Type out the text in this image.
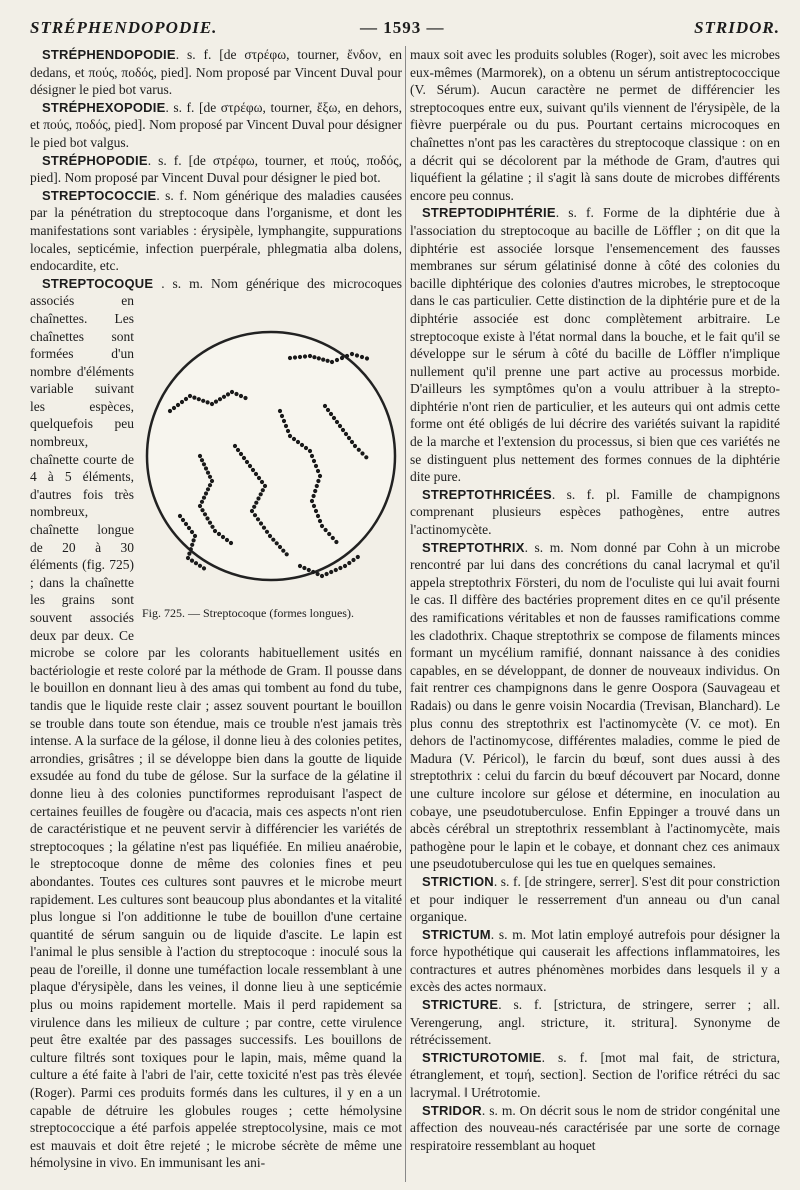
STRÉPHENDOPODIE.	— 1593 —	STRIDOR.

STRÉPHENDOPODIE. s. f. [de στρέφω, tourner, ἔνδον, en dedans, et πούς, ποδός, pied]. Nom proposé par Vincent Duval pour désigner le pied bot varus.

STRÉPHEXOPODIE. s. f. [de στρέφω, tourner, ἔξω, en dehors, et πούς, ποδός, pied]. Nom proposé par Vincent Duval pour désigner le pied bot valgus.

STRÉPHOPODIE. s. f. [de στρέφω, tourner, et πούς, ποδός, pied]. Nom proposé par Vincent Duval pour désigner le pied bot.

STREPTOCOCCIE. s. f. Nom générique des maladies causées par la pénétration du streptocoque dans l'organisme, et dont les manifestations sont variables : érysipèle, lymphangite, suppurations locales, septicémie, infection puerpérale, phlegmatia alba dolens, endocardite, etc.

STREPTOCOQUE
Fig. 725. — Streptocoque (formes longues).
. s. m. Nom générique des microcoques associés en chaînettes. Les chaînettes sont formées d'un nombre d'éléments variable suivant les espèces, quelquefois peu nombreux, chaînette courte de 4 à 5 éléments, d'autres fois très nombreux, chaînette longue de 20 à 30 éléments (fig. 725) ; dans la chaînette les grains sont souvent associés deux par deux. Ce microbe se colore par les colorants habituellement usités en bactériologie et reste coloré par la méthode de Gram. Il pousse dans le bouillon en donnant lieu à des amas qui tombent au fond du tube, tandis que le liquide reste clair ; assez souvent pourtant le bouillon se trouble dans toute son étendue, mais ce trouble n'est jamais très intense. A la surface de la gélose, il donne lieu à des colonies petites, arrondies, grisâtres ; il se développe bien dans la goutte de liquide exsudée au fond du tube de gélose. Sur la surface de la gélatine il donne lieu à des colonies punctiformes reproduisant l'aspect de certaines feuilles de fougère ou d'acacia, mais ces aspects n'ont rien de caractéristique et ne peuvent servir à différencier les variétés de streptocoques ; la gélatine n'est pas liquéfiée. En milieu anaérobie, le streptocoque donne de même des colonies fines et peu abondantes. Toutes ces cultures sont pauvres et le microbe meurt rapidement. Les cultures sont beaucoup plus abondantes et la vitalité plus longue si l'on additionne le tube de bouillon d'une certaine quantité de sérum sanguin ou de liquide d'ascite. Le lapin est l'animal le plus sensible à l'action du streptocoque : inoculé sous la peau de l'oreille, il donne une tuméfaction locale ressemblant à une plaque d'érysipèle, dans les veines, il donne lieu à une septicémie plus ou moins rapidement mortelle. Mais il perd rapidement sa virulence dans les milieux de culture ; par contre, cette virulence peut être exaltée par des passages successifs. Les bouillons de culture filtrés sont toxiques pour le lapin, mais, même quand la culture a été faite à l'abri de l'air, cette toxicité n'est pas très élevée (Roger). Parmi ces produits formés dans les cultures, il y en a un capable de détruire les globules rouges ; cette hémolysine streptococcique a été parfois appelée streptocolysine, mais ce mot est mauvais et doit être rejeté ; le microbe sécrète de même une hémolysine in vivo. En immunisant les ani-

maux soit avec les produits solubles (Roger), soit avec les microbes eux-mêmes (Marmorek), on a obtenu un sérum antistreptococcique (V. Sérum). Aucun caractère ne permet de différencier les streptocoques entre eux, suivant qu'ils viennent de l'érysipèle, de la fièvre puerpérale ou du pus. Pourtant certains microcoques en chaînettes n'ont pas les caractères du streptocoque classique : on en a décrit qui se décolorent par la méthode de Gram, d'autres qui liquéfient la gélatine ; il s'agit là sans doute de microbes différents encore peu connus.

STREPTODIPHTÉRIE. s. f. Forme de la diphtérie due à l'association du streptocoque au bacille de Löffler ; on dit que la diphtérie est associée lorsque l'ensemencement des fausses membranes sur sérum gélatinisé donne à côté des colonies du bacille diphtérique des colonies d'autres microbes, le streptocoque dans le cas particulier. Cette distinction de la diphtérie pure et de la diphtérie associée est donc complètement arbitraire. Le streptocoque existe à l'état normal dans la bouche, et le fait qu'il se développe sur le sérum à côté du bacille de Löffler n'implique nullement qu'il prenne une part active au processus morbide. D'ailleurs les symptômes qu'on a voulu attribuer à la strepto-diphtérie n'ont rien de particulier, et les auteurs qui ont admis cette forme ont été obligés de lui décrire des variétés suivant la rapidité de la marche et l'extension du processus, si bien que ces variétés ne se distinguent plus nettement des formes connues de la diphtérie dite pure.

STREPTOTHRICÉES. s. f. pl. Famille de champignons comprenant plusieurs espèces pathogènes, entre autres l'actinomycète.

STREPTOTHRIX. s. m. Nom donné par Cohn à un microbe rencontré par lui dans des concrétions du canal lacrymal et qu'il appela streptothrix Försteri, du nom de l'oculiste qui lui avait fourni le cas. Il diffère des bactéries proprement dites en ce qu'il présente des ramifications véritables et non de fausses ramifications comme les cladothrix. Chaque streptothrix se compose de filaments minces formant un mycélium ramifié, donnant naissance à des conidies capables, en se développant, de donner de nouveaux individus. On fait rentrer ces champignons dans le genre Oospora (Sauvageau et Radais) ou dans le genre voisin Nocardia (Trevisan, Blanchard). Le plus connu des streptothrix est l'actinomycète (V. ce mot). En dehors de l'actinomycose, différentes maladies, comme le pied de Madura (V. Péricol), le farcin du bœuf, sont dues aussi à des streptothrix : celui du farcin du bœuf découvert par Nocard, donne une culture incolore sur gélose et détermine, en inoculation au cobaye, une pseudotuberculose. Enfin Eppinger a trouvé dans un abcès cérébral un streptothrix ressemblant à l'actinomycète, mais pathogène pour le lapin et le cobaye, et donnant chez ces animaux une pseudotuberculose qui les tue en quelques semaines.

STRICTION. s. f. [de stringere, serrer]. S'est dit pour constriction et pour indiquer le resserrement d'un anneau ou d'un canal organique.

STRICTUM. s. m. Mot latin employé autrefois pour désigner la force hypothétique qui causerait les affections inflammatoires, les contractures et autres phénomènes morbides dans lesquels il y a excès des actes normaux.

STRICTURE. s. f. [strictura, de stringere, serrer ; all. Verengerung, angl. stricture, it. stritura]. Synonyme de rétrécissement.

STRICTUROTOMIE. s. f. [mot mal fait, de strictura, étranglement, et τομή, section]. Section de l'orifice rétréci du sac lacrymal. ‖ Urétrotomie.

STRIDOR. s. m. On décrit sous le nom de stridor congénital une affection des nouveau-nés caractérisée par une sorte de cornage respiratoire ressemblant au hoquet
